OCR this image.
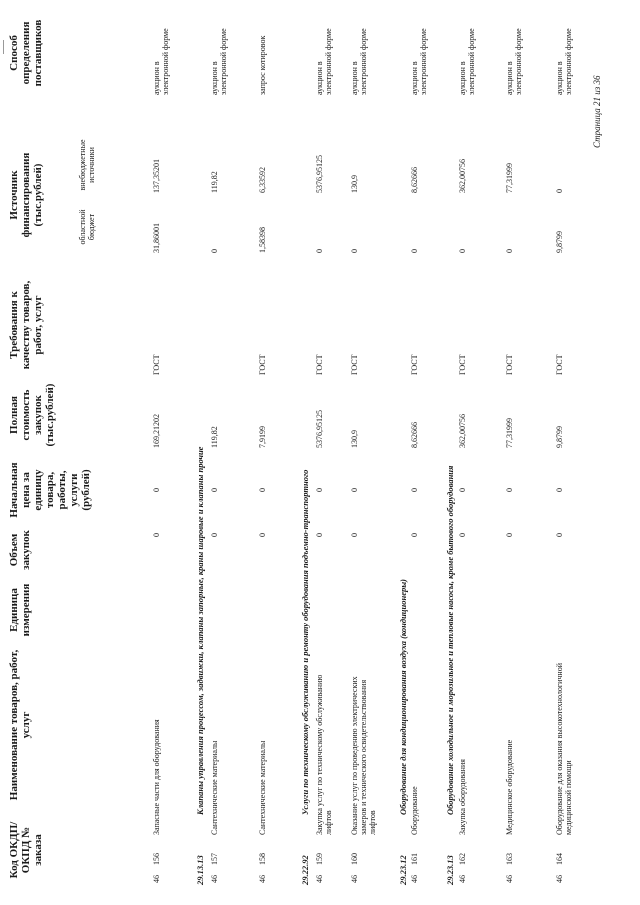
Код ОКДП/ ОКПД № заказа
Наименование товаров, работ, услуг
Единица измерения
Объем закупок
Начальная цена за единицу товара, работы, услуги (рублей)
Полная стоимость закупок (тыс.рублей)
Требования к качеству товаров, работ, услуг
Источник финансирования (тыс.рублей)
Способ определения поставщиков
областной бюджет
внебюджетные источники
46
156
Запасные части для оборудования
0
0
169,21202
ГОСТ
31,86001
137,35201
аукцион в электронной форме
29.13.13
Клапаны управления процессом, задвижки, клапаны запорные, краны шаровые и клапаны прочие
46
157
Сантехнические материалы
0
0
119,82
0
119,82
аукцион в электронной форме
46
158
Сантехнические материалы
0
0
7,9199
ГОСТ
1,58398
6,33592
запрос котировок
29.22.92
Услуги по техническому обслуживанию и ремонту оборудования подъемно-транспортного
46
159
Закупка услуг по техническому обслуживанию лифтов
0
0
5376,95125
ГОСТ
0
5376,95125
аукцион в электронной форме
46
160
Оказание услуг по проведению электрических замеров и технического освидетельствования лифтов
0
0
130,9
ГОСТ
0
130,9
аукцион в электронной форме
29.23.12
Оборудование для кондиционирования воздуха (кондиционеры)
46
161
Оборудование
0
0
8,62666
ГОСТ
0
8,62666
аукцион в электронной форме
29.23.13
Оборудование холодильное и морозильное и тепловые насосы, кроме бытового оборудования
46
162
Закупка оборудования
0
0
362,00756
ГОСТ
0
362,00756
аукцион в электронной форме
46
163
Медицинское оборудование
0
0
77,31999
ГОСТ
0
77,31999
аукцион в электронной форме
46
164
Оборудование для оказания высокотехнологичной медицинской помощи
0
0
9,8799
ГОСТ
9,8799
0
аукцион в электронной форме
Страница 21 из 36
